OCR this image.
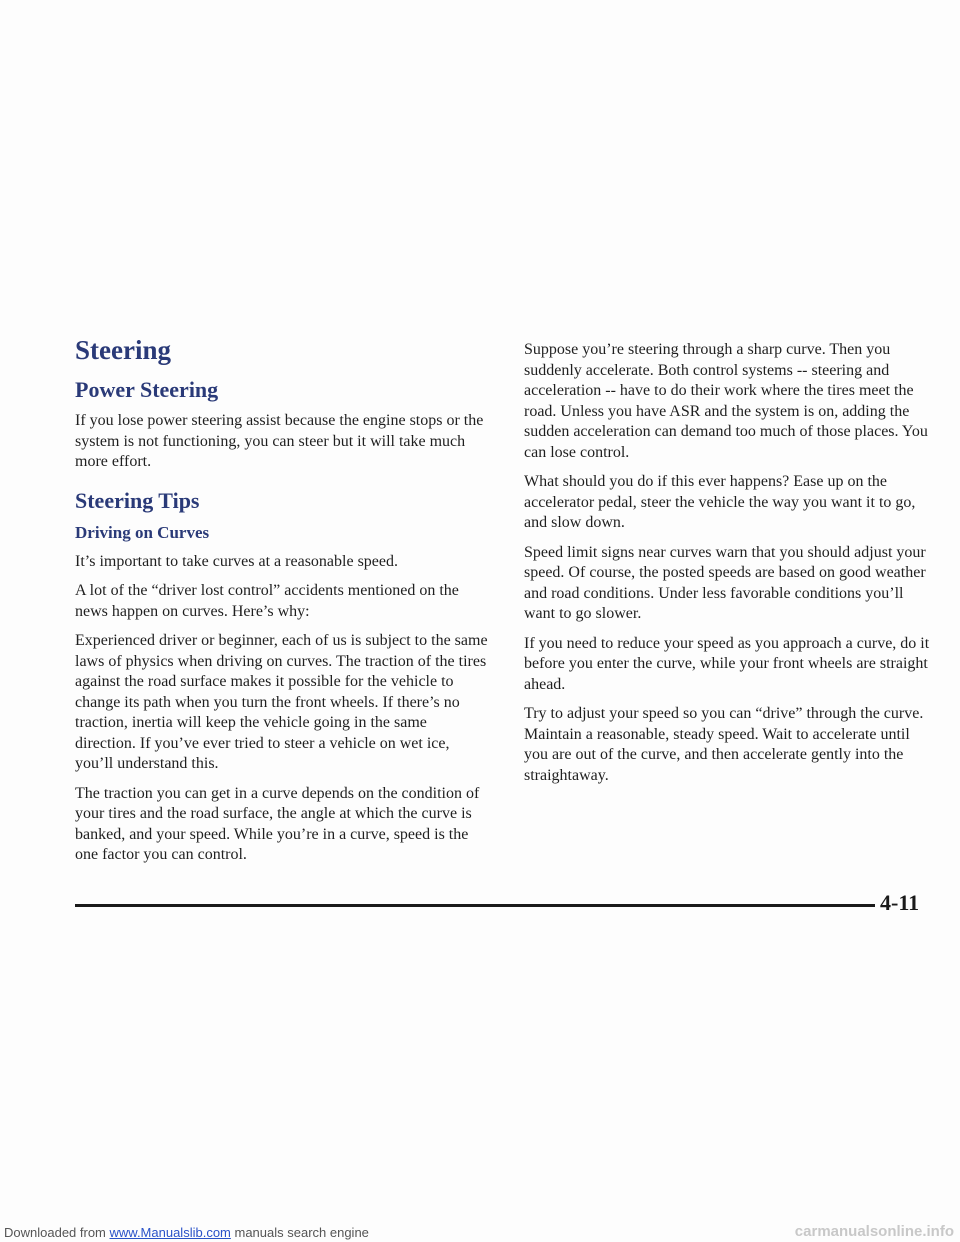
Steering
Power Steering

If you lose power steering assist because the engine stops or the system is not functioning, you can steer but it will take much more effort.

Steering Tips
Driving on Curves

It’s important to take curves at a reasonable speed.

A lot of the “driver lost control” accidents mentioned on the news happen on curves. Here’s why:

Experienced driver or beginner, each of us is subject to the same laws of physics when driving on curves. The traction of the tires against the road surface makes it possible for the vehicle to change its path when you turn the front wheels. If there’s no traction, inertia will keep the vehicle going in the same direction. If you’ve ever tried to steer a vehicle on wet ice, you’ll understand this.

The traction you can get in a curve depends on the condition of your tires and the road surface, the angle at which the curve is banked, and your speed. While you’re in a curve, speed is the one factor you can control.

Suppose you’re steering through a sharp curve. Then you suddenly accelerate. Both control systems -- steering and acceleration -- have to do their work where the tires meet the road. Unless you have ASR and the system is on, adding the sudden acceleration can demand too much of those places. You can lose control.

What should you do if this ever happens? Ease up on the accelerator pedal, steer the vehicle the way you want it to go, and slow down.

Speed limit signs near curves warn that you should adjust your speed. Of course, the posted speeds are based on good weather and road conditions. Under less favorable conditions you’ll want to go slower.

If you need to reduce your speed as you approach a curve, do it before you enter the curve, while your front wheels are straight ahead.

Try to adjust your speed so you can “drive” through the curve. Maintain a reasonable, steady speed. Wait to accelerate until you are out of the curve, and then accelerate gently into the straightaway.

4-11
Downloaded from www.Manualslib.com manuals search engine	carmanualsonline.info
